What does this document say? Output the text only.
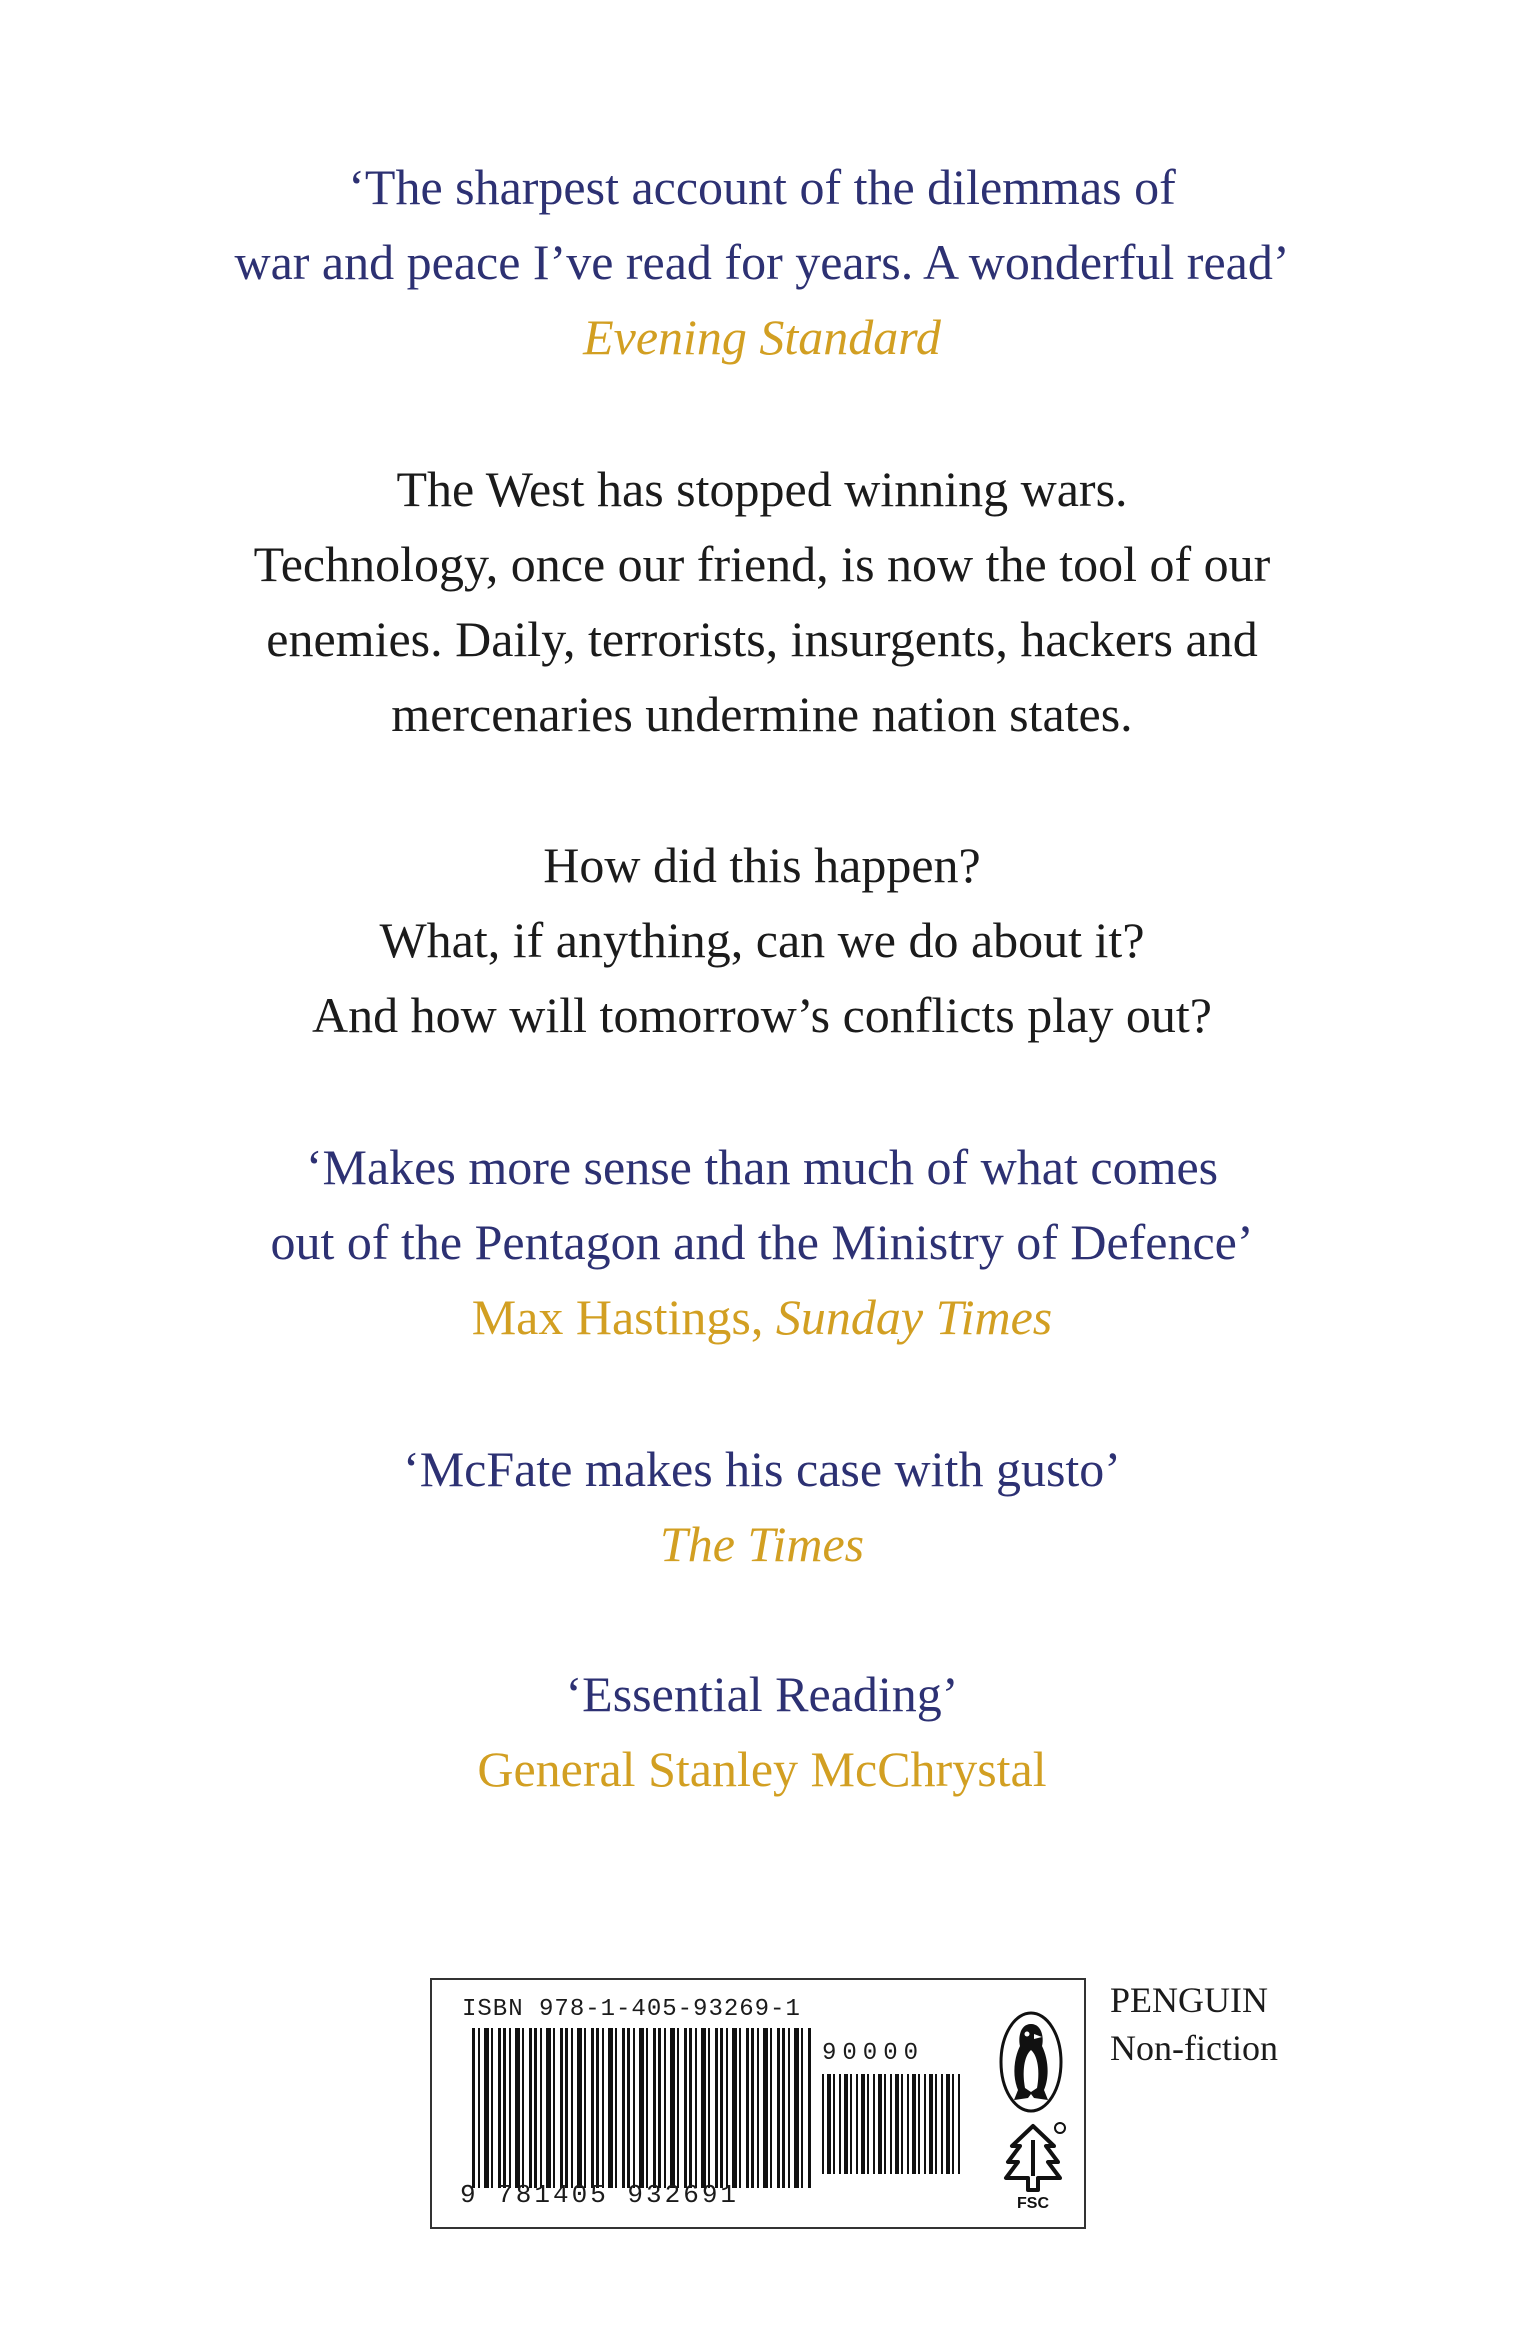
‘The sharpest account of the dilemmas of
war and peace I’ve read for years. A wonderful read’
Evening Standard
The West has stopped winning wars.
Technology, once our friend, is now the tool of our
enemies. Daily, terrorists, insurgents, hackers and
mercenaries undermine nation states.
How did this happen?
What, if anything, can we do about it?
And how will tomorrow’s conflicts play out?
‘Makes more sense than much of what comes
out of the Pentagon and the Ministry of Defence’
Max Hastings, Sunday Times
‘McFate makes his case with gusto’
The Times
‘Essential Reading’
General Stanley McChrystal
ISBN 978-1-405-93269-1
90000
9 781405 932691	FSC
PENGUIN
Non-fiction
